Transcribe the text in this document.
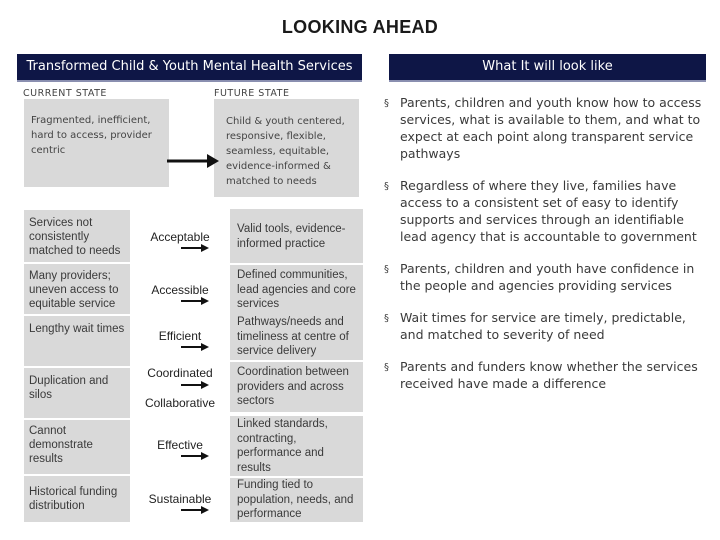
LOOKING AHEAD
Transformed Child & Youth Mental Health Services	What It will look like
CURRENT STATE	FUTURE STATE
Fragmented, inefficient, hard to access, provider centric
Child & youth centered, responsive, flexible, seamless, equitable, evidence-informed & matched to needs
Services not consistently matched to needs
Many providers; uneven access to equitable service
Lengthy wait times
Duplication and silos
Cannot demonstrate results
Historical funding distribution
Acceptable
Accessible
Efficient
Coordinated
Collaborative
Effective
Sustainable
Valid tools, evidence-informed practice
Defined communities, lead agencies and core services
Pathways/needs and timeliness at centre of service delivery
Coordination between providers and across sectors
Linked standards, contracting, performance and results
Funding tied to population, needs, and performance
§ Parents, children and youth know how to access services, what is available to them, and what to expect at each point along transparent service pathways
§ Regardless of where they live, families have access to a consistent set of easy to identify supports and services through an identifiable lead agency that is accountable to government
§ Parents, children and youth have confidence in the people and agencies providing services
§ Wait times for service are timely, predictable, and matched to severity of need
§ Parents and funders know whether the services received have made a difference
